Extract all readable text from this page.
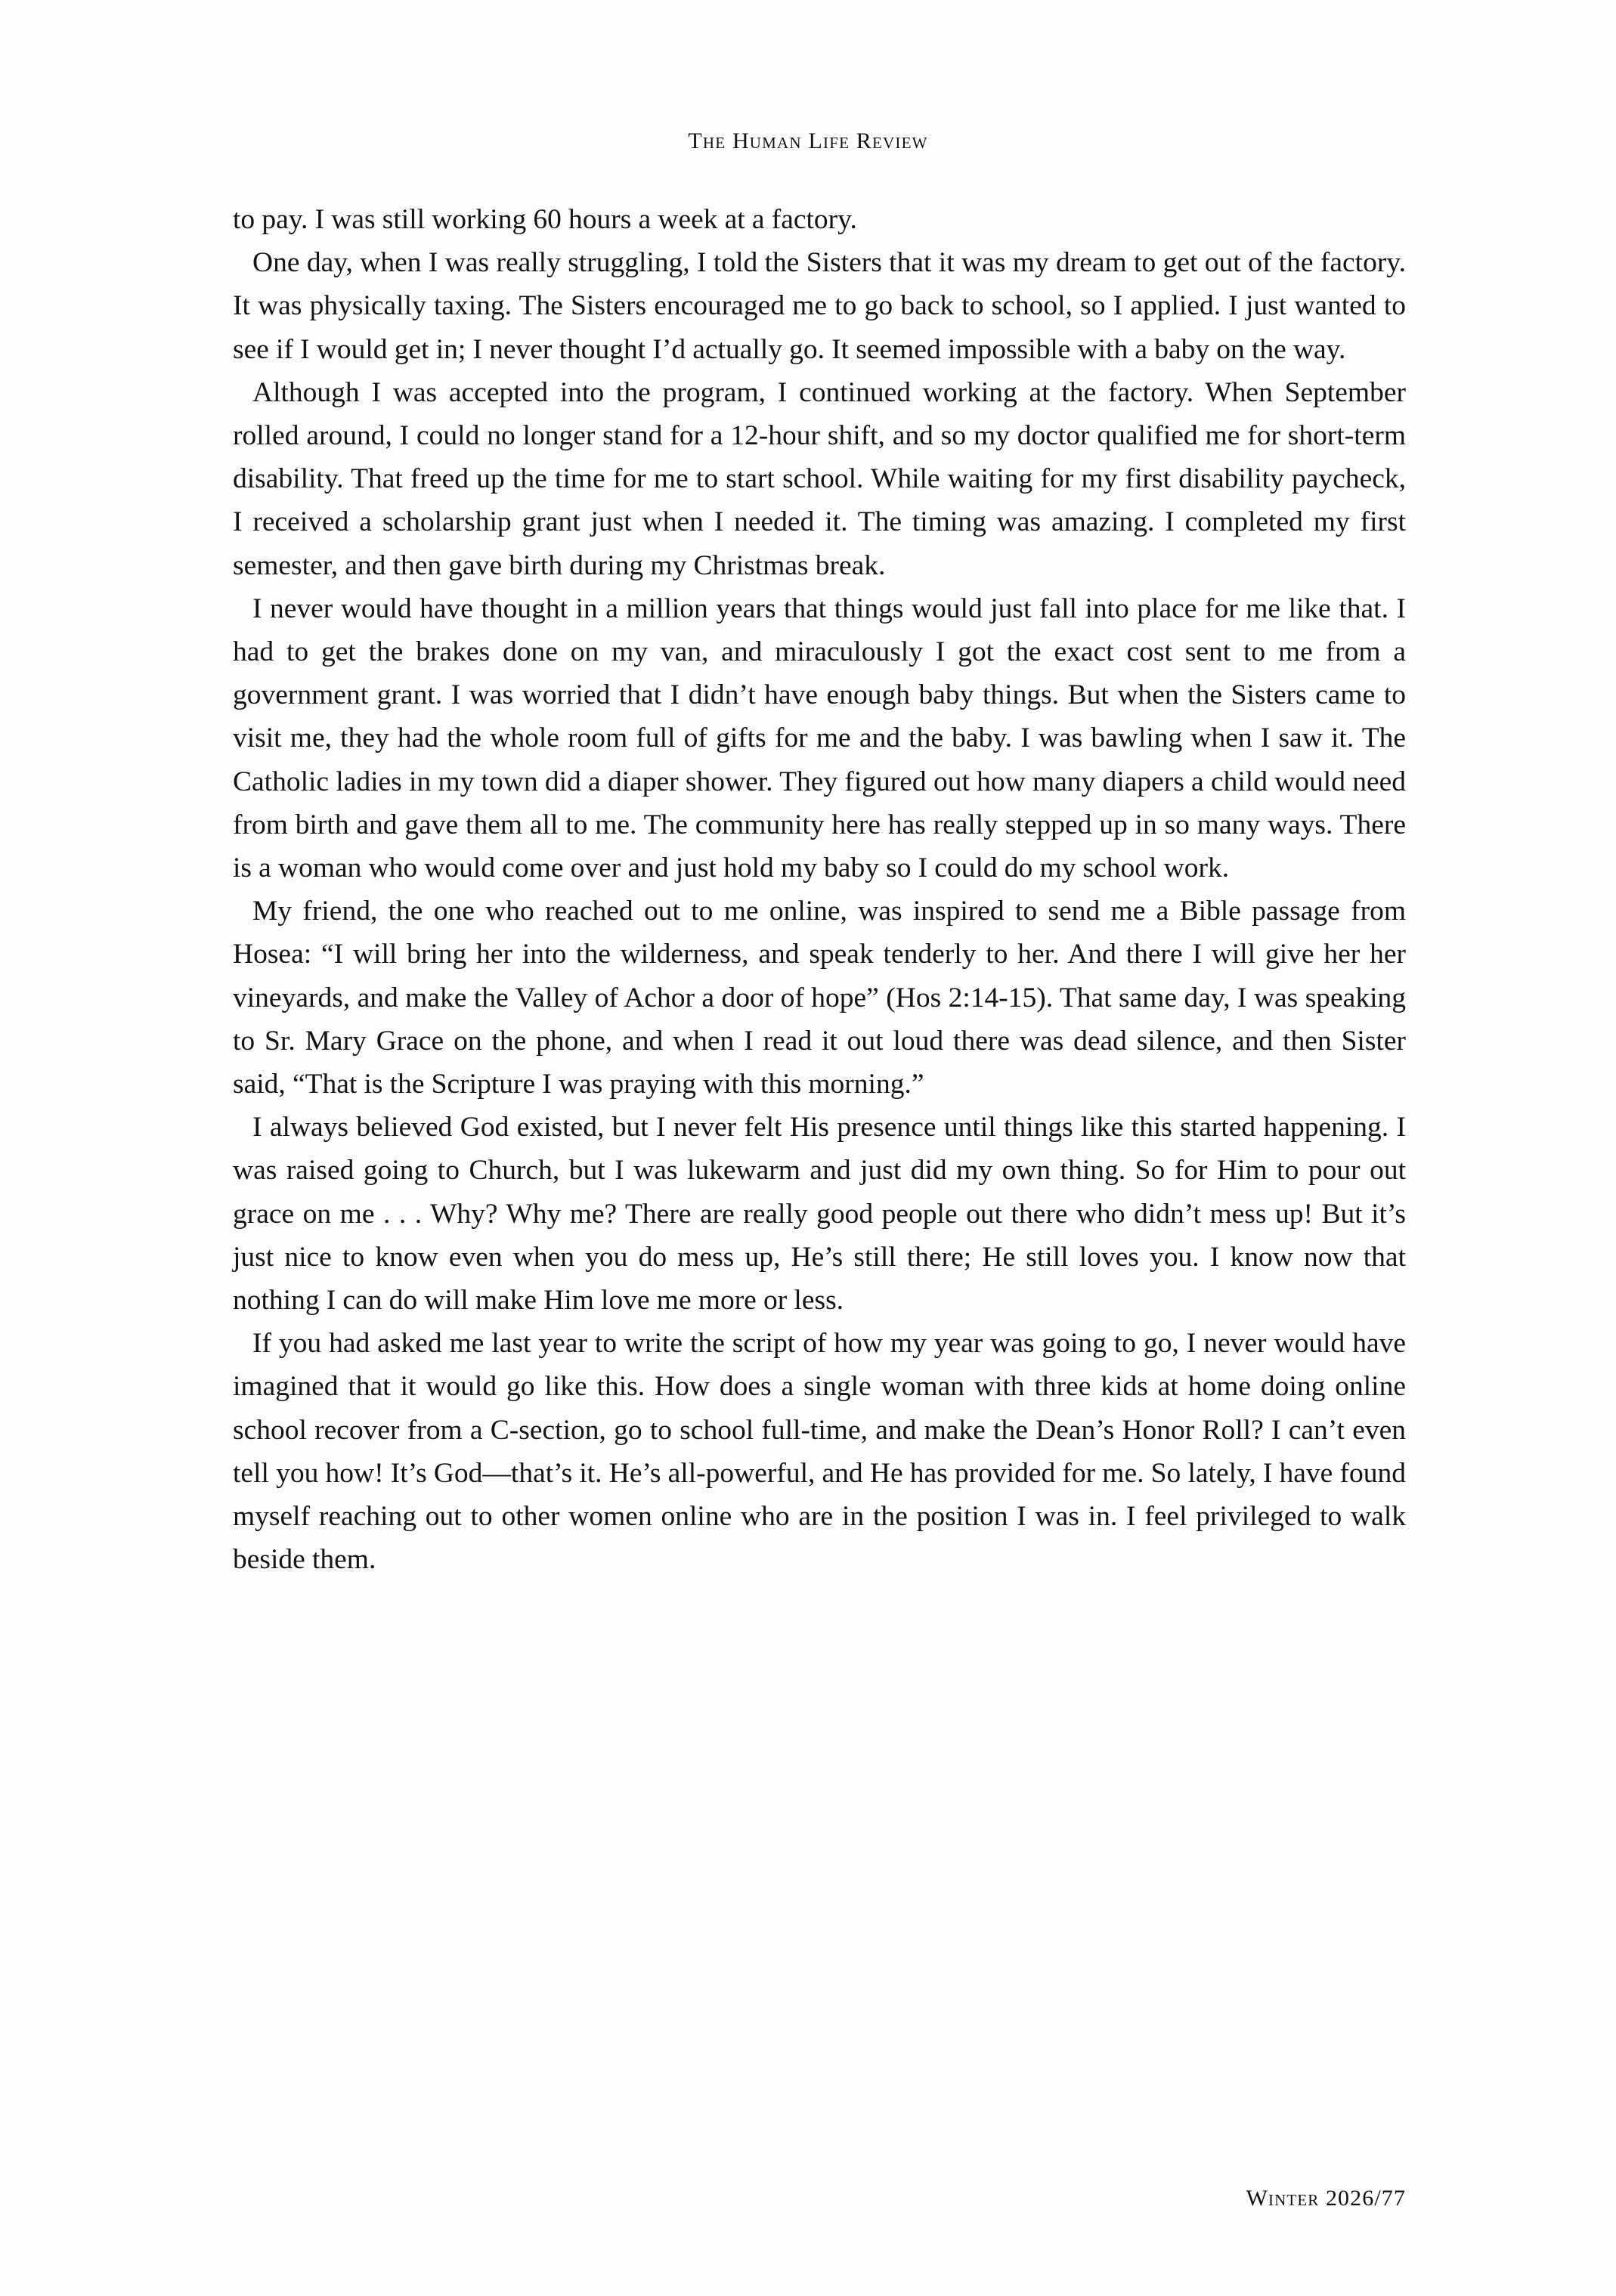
The Human Life Review

to pay. I was still working 60 hours a week at a factory.

One day, when I was really struggling, I told the Sisters that it was my dream to get out of the factory. It was physically taxing. The Sisters encouraged me to go back to school, so I applied. I just wanted to see if I would get in; I never thought I’d actually go. It seemed impossible with a baby on the way.

Although I was accepted into the program, I continued working at the factory. When September rolled around, I could no longer stand for a 12-hour shift, and so my doctor qualified me for short-term disability. That freed up the time for me to start school. While waiting for my first disability paycheck, I received a scholarship grant just when I needed it. The timing was amazing. I completed my first semester, and then gave birth during my Christmas break.

I never would have thought in a million years that things would just fall into place for me like that. I had to get the brakes done on my van, and miraculously I got the exact cost sent to me from a government grant. I was worried that I didn’t have enough baby things. But when the Sisters came to visit me, they had the whole room full of gifts for me and the baby. I was bawling when I saw it. The Catholic ladies in my town did a diaper shower. They figured out how many diapers a child would need from birth and gave them all to me. The community here has really stepped up in so many ways. There is a woman who would come over and just hold my baby so I could do my school work.

My friend, the one who reached out to me online, was inspired to send me a Bible passage from Hosea: “I will bring her into the wilderness, and speak tenderly to her. And there I will give her her vineyards, and make the Valley of Achor a door of hope” (Hos 2:14-15). That same day, I was speaking to Sr. Mary Grace on the phone, and when I read it out loud there was dead silence, and then Sister said, “That is the Scripture I was praying with this morning.”

I always believed God existed, but I never felt His presence until things like this started happening. I was raised going to Church, but I was lukewarm and just did my own thing. So for Him to pour out grace on me . . . Why? Why me? There are really good people out there who didn’t mess up! But it’s just nice to know even when you do mess up, He’s still there; He still loves you. I know now that nothing I can do will make Him love me more or less.

If you had asked me last year to write the script of how my year was going to go, I never would have imagined that it would go like this. How does a single woman with three kids at home doing online school recover from a C-section, go to school full-time, and make the Dean’s Honor Roll? I can’t even tell you how! It’s God—that’s it. He’s all-powerful, and He has provided for me. So lately, I have found myself reaching out to other women online who are in the position I was in. I feel privileged to walk beside them.

Winter 2026/77
